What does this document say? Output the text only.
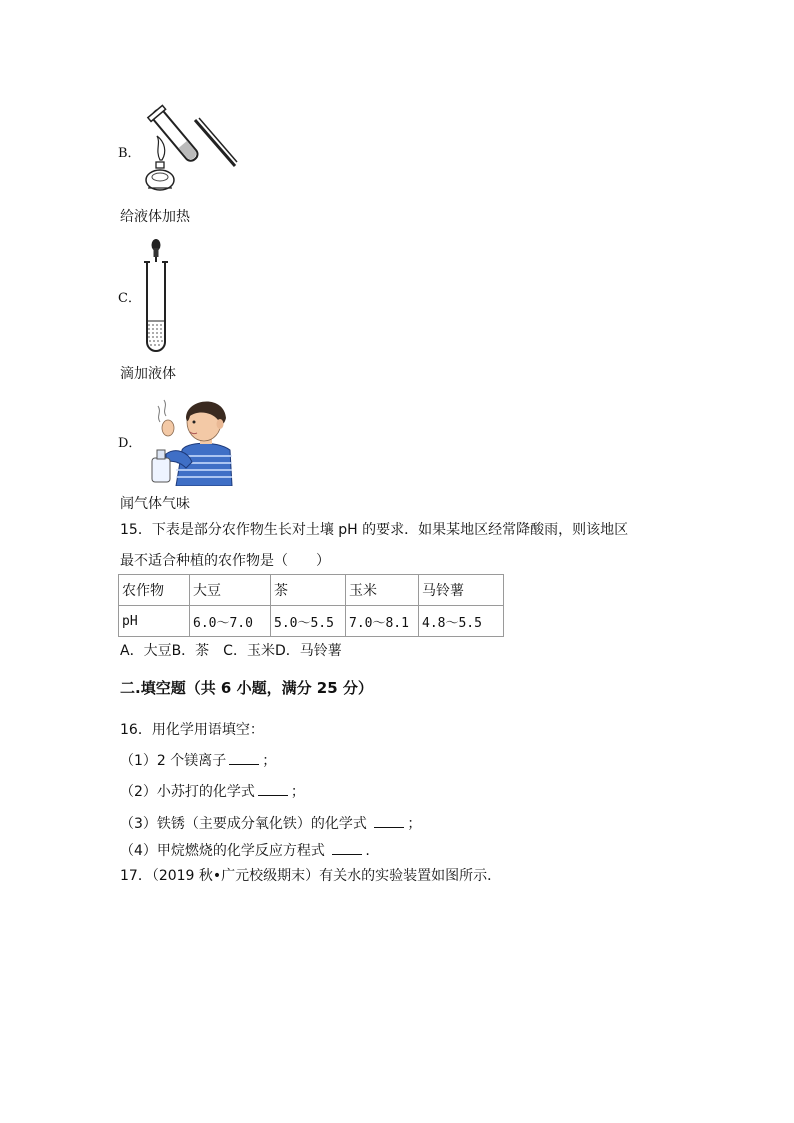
B．
给液体加热
C．
滴加液体
D．
闻气体气味
15．下表是部分农作物生长对土壤 pH 的要求．如果某地区经常降酸雨，则该地区
最不适合种植的农作物是（　　）
农作物	大豆	茶	玉米	马铃薯
pH	6.0～7.0	5.0～5.5	7.0～8.1	4.8～5.5
A．大豆B．茶　C．玉米D．马铃薯
二.填空题（共 6 小题，满分 25 分）
16．用化学用语填空：
（1）2 个镁离子	；
（2）小苏打的化学式	；
（3）铁锈（主要成分氧化铁）的化学式	；
（4）甲烷燃烧的化学反应方程式	.
17．（2019 秋•广元校级期末）有关水的实验装置如图所示．
